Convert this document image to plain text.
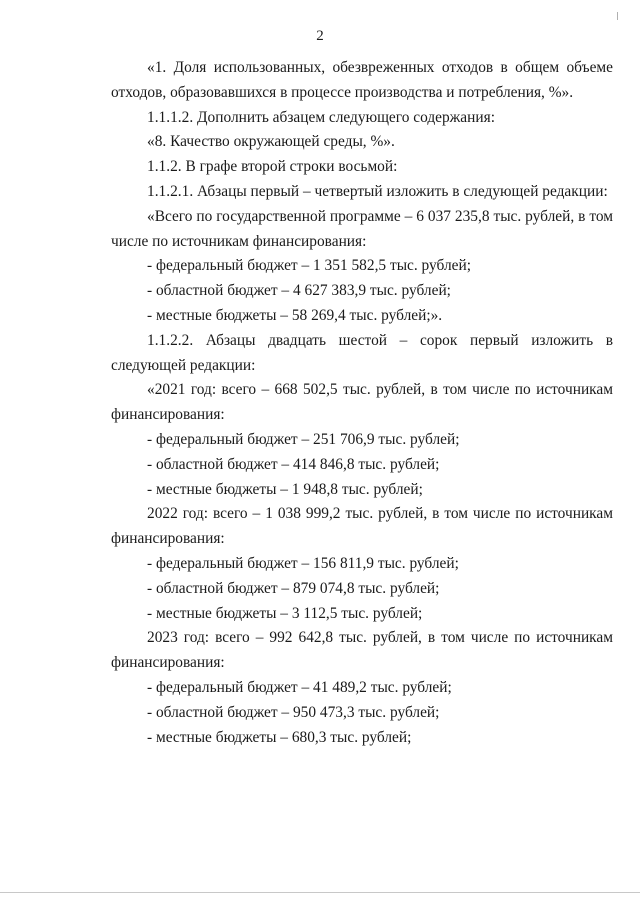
2

«1. Доля использованных, обезвреженных отходов в общем объеме отходов, образовавшихся в процессе производства и потребления, %».

1.1.1.2. Дополнить абзацем следующего содержания:

«8. Качество окружающей среды, %».

1.1.2. В графе второй строки восьмой:

1.1.2.1. Абзацы первый – четвертый изложить в следующей редакции:

«Всего по государственной программе – 6 037 235,8 тыс. рублей, в том числе по источникам финансирования:

- федеральный бюджет – 1 351 582,5 тыс. рублей;

- областной бюджет – 4 627 383,9 тыс. рублей;

- местные бюджеты – 58 269,4 тыс. рублей;».

1.1.2.2. Абзацы двадцать шестой – сорок первый изложить в следующей редакции:

«2021 год: всего – 668 502,5 тыс. рублей, в том числе по источникам финансирования:

- федеральный бюджет – 251 706,9 тыс. рублей;

- областной бюджет – 414 846,8 тыс. рублей;

- местные бюджеты – 1 948,8 тыс. рублей;

2022 год: всего – 1 038 999,2 тыс. рублей, в том числе по источникам финансирования:

- федеральный бюджет – 156 811,9 тыс. рублей;

- областной бюджет – 879 074,8 тыс. рублей;

- местные бюджеты – 3 112,5 тыс. рублей;

2023 год: всего – 992 642,8 тыс. рублей, в том числе по источникам финансирования:

- федеральный бюджет – 41 489,2 тыс. рублей;

- областной бюджет – 950 473,3 тыс. рублей;

- местные бюджеты – 680,3 тыс. рублей;
